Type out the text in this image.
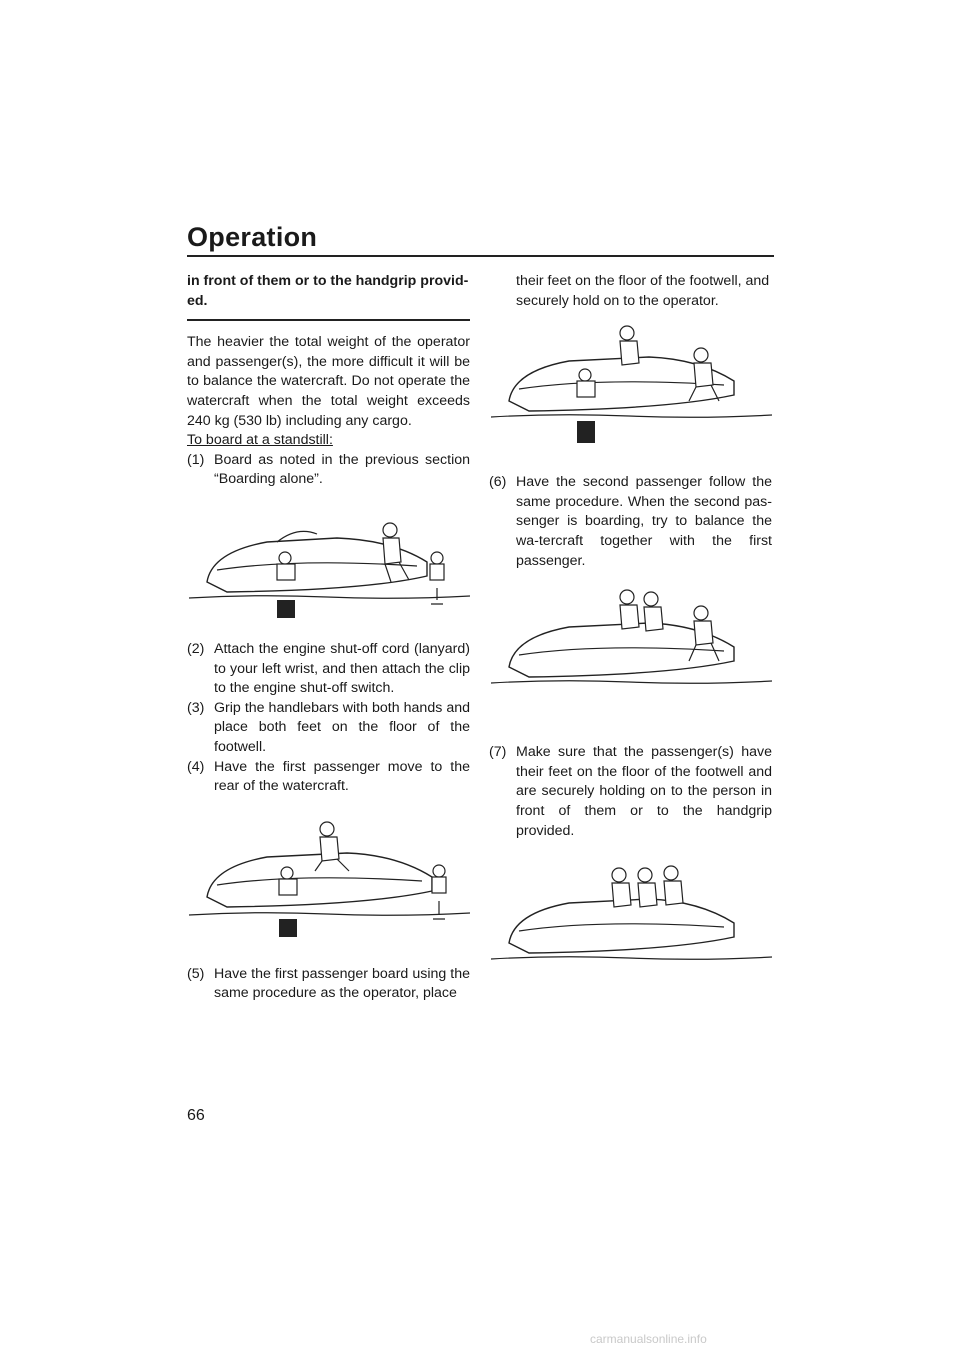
Operation

in front of them or to the handgrip provid-ed.

The heavier the total weight of the operator and passenger(s), the more difficult it will be to balance the watercraft. Do not operate the watercraft when the total weight exceeds 240 kg (530 lb) including any cargo.

To board at a standstill:

(1) Board as noted in the previous section “Boarding alone”.
(2) Attach the engine shut-off cord (lanyard) to your left wrist, and then attach the clip to the engine shut-off switch.
(3) Grip the handlebars with both hands and place both feet on the floor of the footwell.
(4) Have the first passenger move to the rear of the watercraft.
(5) Have the first passenger board using the same procedure as the operator, place
their feet on the floor of the footwell, and securely hold on to the operator.
(6) Have the second passenger follow the same procedure. When the second pas-senger is boarding, try to balance the wa-tercraft together with the first passenger.
(7) Make sure that the passenger(s) have their feet on the floor of the footwell and are securely holding on to the person in front of them or to the handgrip provided.
66
carmanualsonline.info
